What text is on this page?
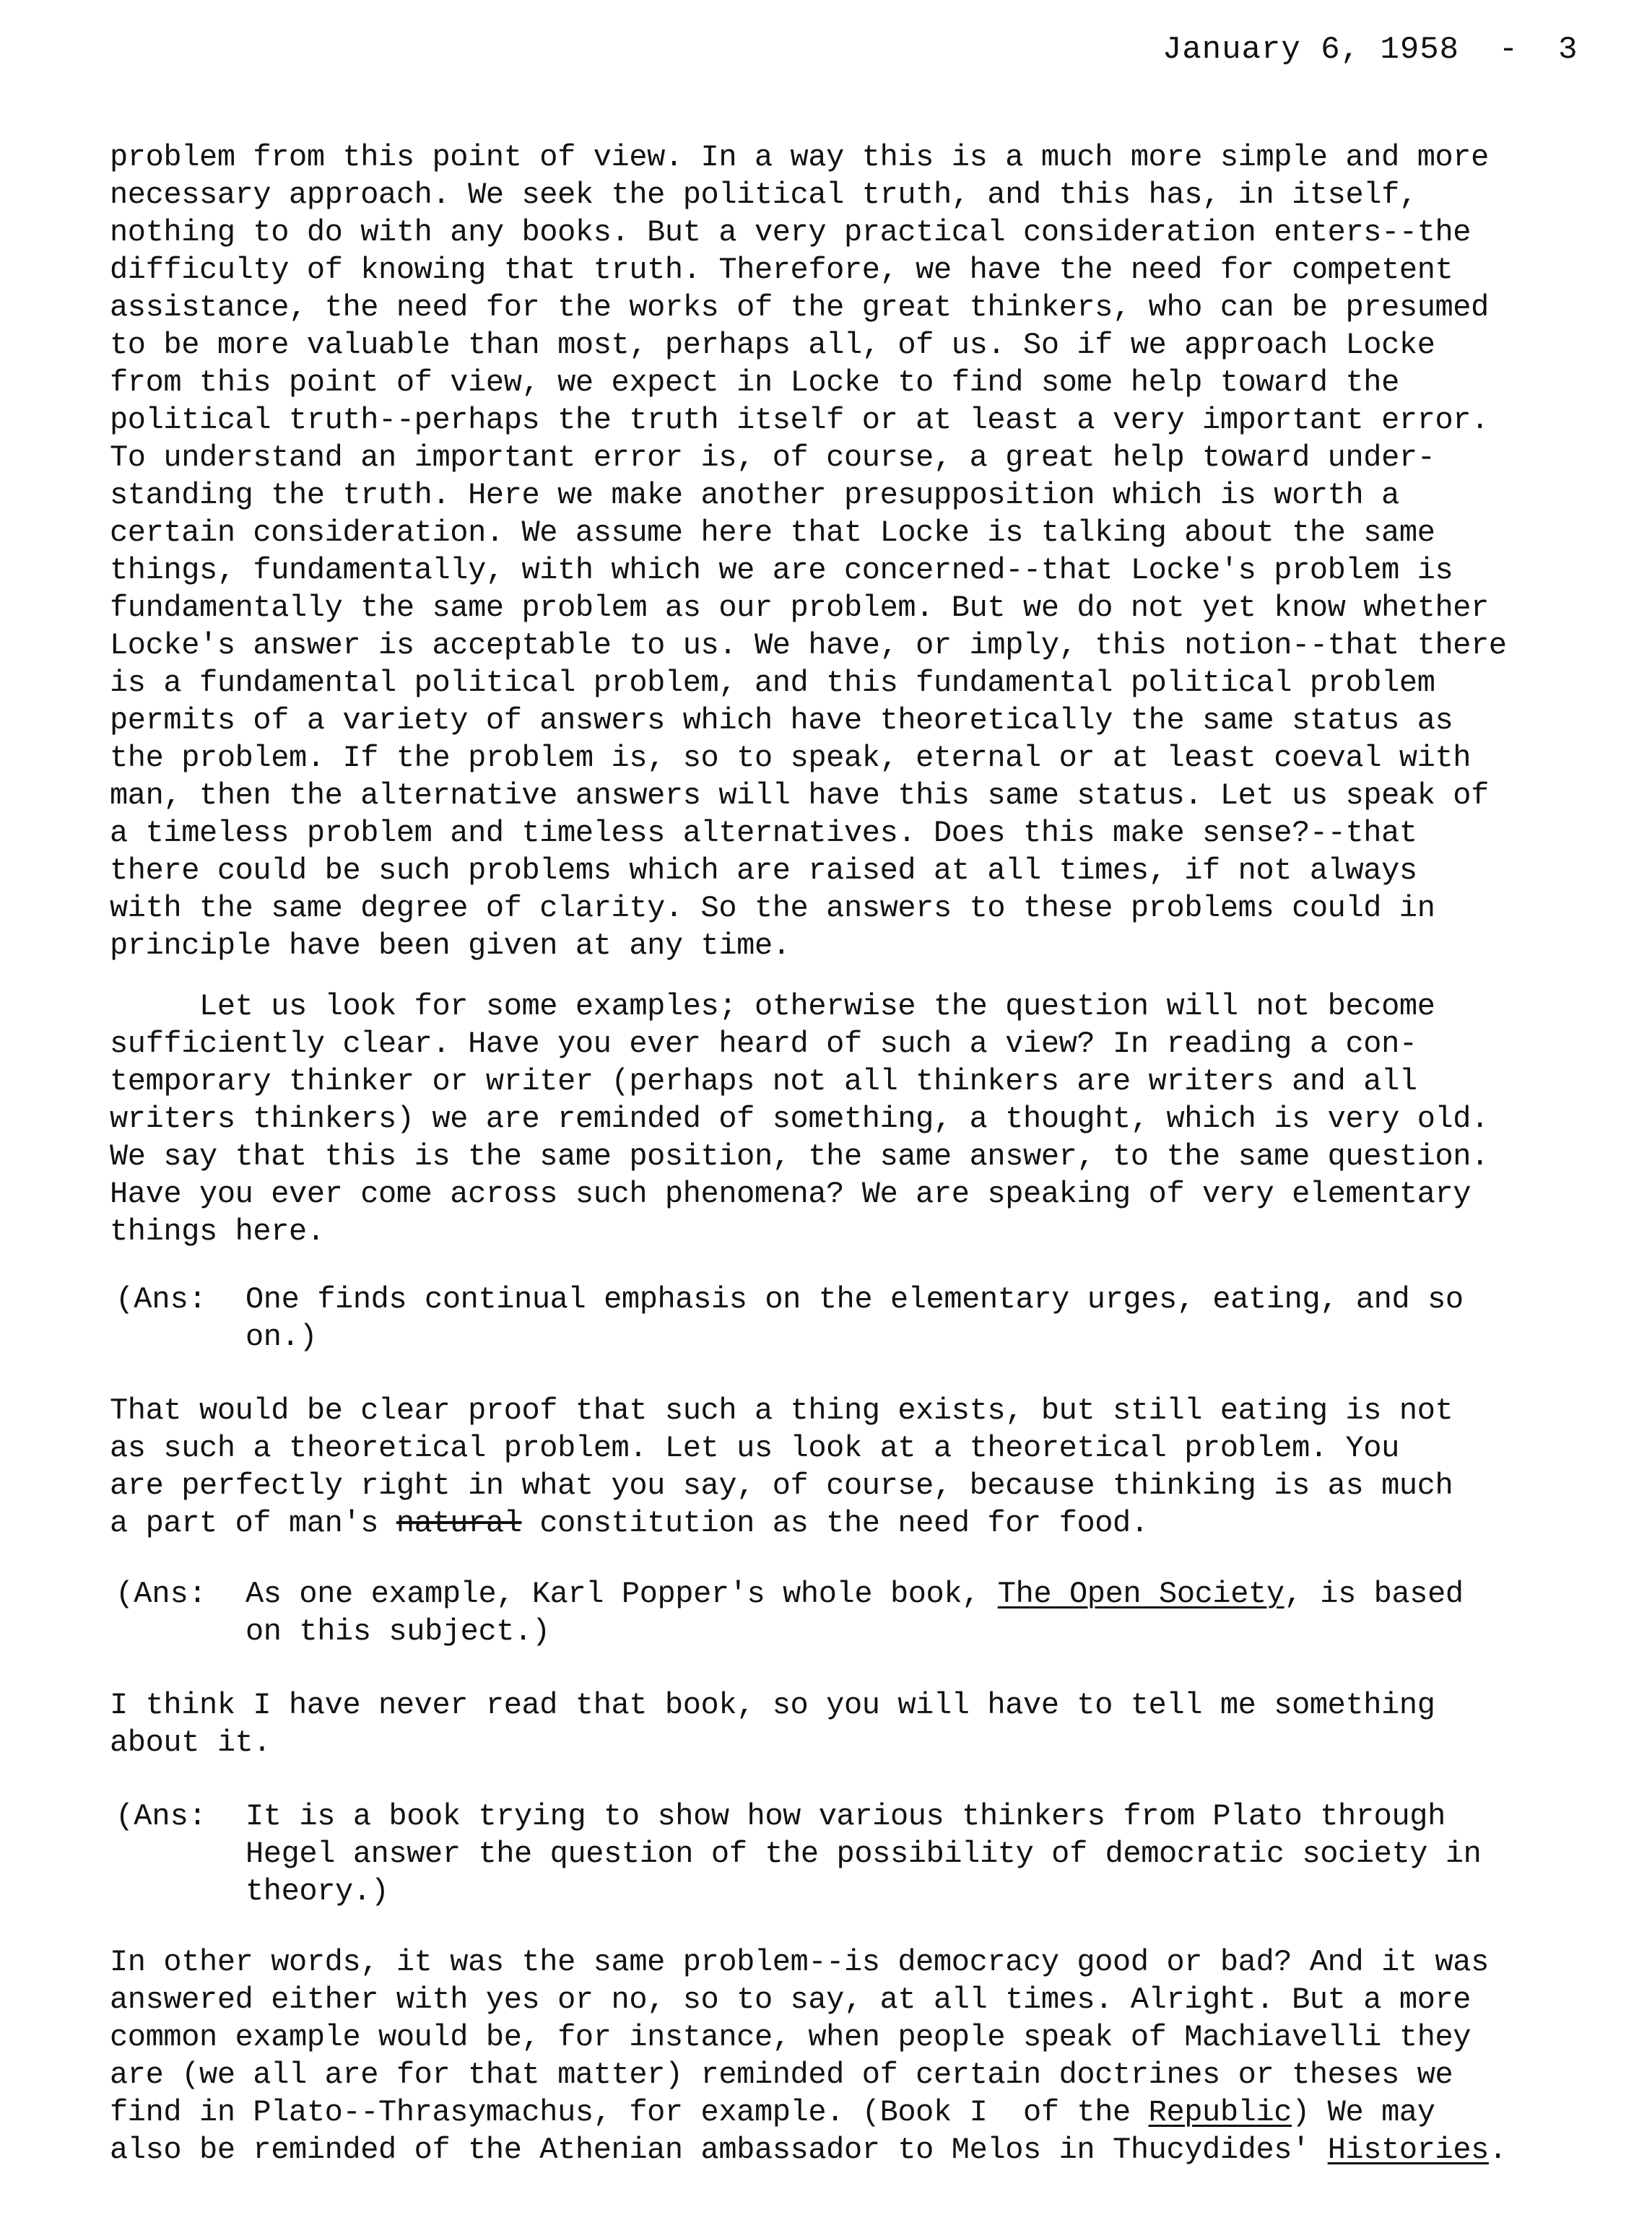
January 6, 1958 - 3
problem from this point of view. In a way this is a much more simple and more
necessary approach. We seek the political truth, and this has, in itself,
nothing to do with any books. But a very practical consideration enters--the
difficulty of knowing that truth. Therefore, we have the need for competent
assistance, the need for the works of the great thinkers, who can be presumed
to be more valuable than most, perhaps all, of us. So if we approach Locke
from this point of view, we expect in Locke to find some help toward the
political truth--perhaps the truth itself or at least a very important error.
To understand an important error is, of course, a great help toward under-
standing the truth. Here we make another presupposition which is worth a
certain consideration. We assume here that Locke is talking about the same
things, fundamentally, with which we are concerned--that Locke's problem is
fundamentally the same problem as our problem. But we do not yet know whether
Locke's answer is acceptable to us. We have, or imply, this notion--that there
is a fundamental political problem, and this fundamental political problem
permits of a variety of answers which have theoretically the same status as
the problem. If the problem is, so to speak, eternal or at least coeval with
man, then the alternative answers will have this same status. Let us speak of
a timeless problem and timeless alternatives. Does this make sense?--that
there could be such problems which are raised at all times, if not always
with the same degree of clarity. So the answers to these problems could in
principle have been given at any time.
Let us look for some examples; otherwise the question will not become
sufficiently clear. Have you ever heard of such a view? In reading a con-
temporary thinker or writer (perhaps not all thinkers are writers and all
writers thinkers) we are reminded of something, a thought, which is very old.
We say that this is the same position, the same answer, to the same question.
Have you ever come across such phenomena? We are speaking of very elementary
things here.
(Ans: One finds continual emphasis on the elementary urges, eating, and so
on.)
That would be clear proof that such a thing exists, but still eating is not
as such a theoretical problem. Let us look at a theoretical problem. You
are perfectly right in what you say, of course, because thinking is as much
a part of man's natural constitution as the need for food.
(Ans: As one example, Karl Popper's whole book, The Open Society, is based
on this subject.)
I think I have never read that book, so you will have to tell me something
about it.
(Ans: It is a book trying to show how various thinkers from Plato through
Hegel answer the question of the possibility of democratic society in
theory.)
In other words, it was the same problem--is democracy good or bad? And it was
answered either with yes or no, so to say, at all times. Alright. But a more
common example would be, for instance, when people speak of Machiavelli they
are (we all are for that matter) reminded of certain doctrines or theses we
find in Plato--Thrasymachus, for example. (Book I  of the Republic) We may
also be reminded of the Athenian ambassador to Melos in Thucydides' Histories.
